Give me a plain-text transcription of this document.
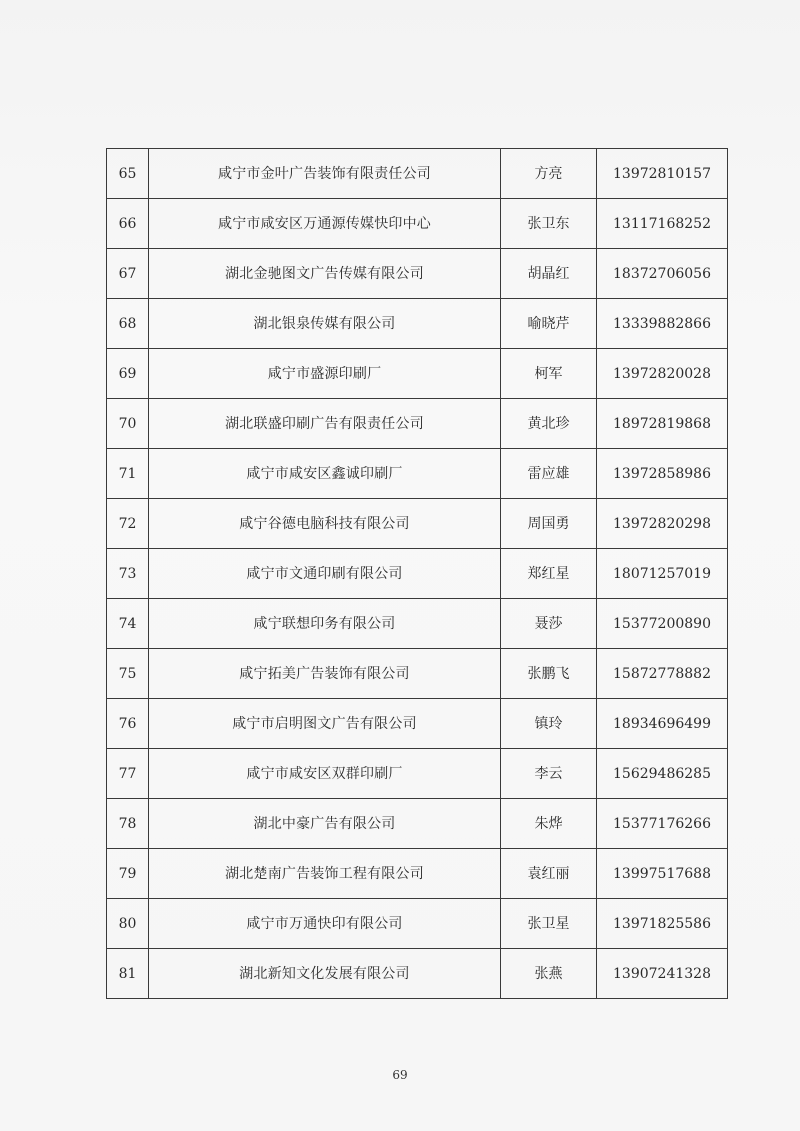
65	咸宁市金叶广告装饰有限责任公司	方亮	13972810157
66	咸宁市咸安区万通源传媒快印中心	张卫东	13117168252
67	湖北金驰图文广告传媒有限公司	胡晶红	18372706056
68	湖北银泉传媒有限公司	喻晓芹	13339882866
69	咸宁市盛源印刷厂	柯军	13972820028
70	湖北联盛印刷广告有限责任公司	黄北珍	18972819868
71	咸宁市咸安区鑫诚印刷厂	雷应雄	13972858986
72	咸宁谷德电脑科技有限公司	周国勇	13972820298
73	咸宁市文通印刷有限公司	郑红星	18071257019
74	咸宁联想印务有限公司	聂莎	15377200890
75	咸宁拓美广告装饰有限公司	张鹏飞	15872778882
76	咸宁市启明图文广告有限公司	镇玲	18934696499
77	咸宁市咸安区双群印刷厂	李云	15629486285
78	湖北中豪广告有限公司	朱烨	15377176266
79	湖北楚南广告装饰工程有限公司	袁红丽	13997517688
80	咸宁市万通快印有限公司	张卫星	13971825586
81	湖北新知文化发展有限公司	张燕	13907241328
69
